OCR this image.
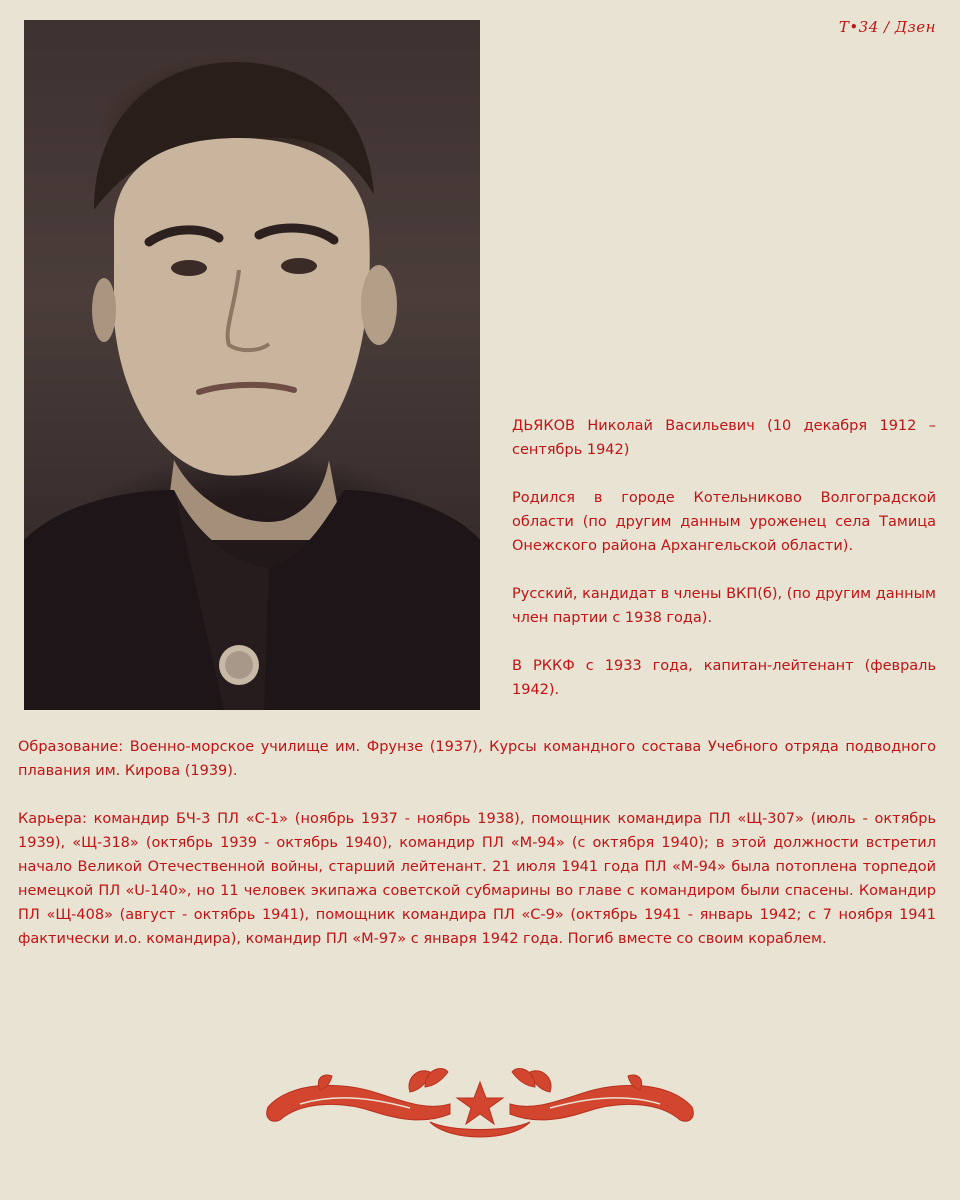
Т•34 / Дзен

ДЬЯКОВ Николай Васильевич (10 декабря 1912 – сентябрь 1942)

Родился в городе Котельниково Волгоградской области (по другим данным уроженец села Тамица Онежского района Архангельской области).

Русский, кандидат в члены ВКП(б), (по другим данным член партии с 1938 года).

В РККФ с 1933 года, капитан-лейтенант (февраль 1942).

Образование: Военно-морское училище им. Фрунзе (1937), Курсы командного состава Учебного отряда подводного плавания им. Кирова (1939).

Карьера: командир БЧ-3 ПЛ «С-1» (ноябрь 1937 - ноябрь 1938), помощник командира ПЛ «Щ-307» (июль - октябрь 1939), «Щ-318» (октябрь 1939 - октябрь 1940), командир ПЛ «М-94» (с октября 1940); в этой должности встретил начало Великой Отечественной войны, старший лейтенант. 21 июля 1941 года ПЛ «М-94» была потоплена торпедой немецкой ПЛ «U-140», но 11 человек экипажа советской субмарины во главе с командиром были спасены. Командир ПЛ «Щ-408» (август - октябрь 1941), помощник командира ПЛ «С-9» (октябрь 1941 - январь 1942; с 7 ноября 1941 фактически и.о. командира), командир ПЛ «М-97» с января 1942 года. Погиб вместе со своим кораблем.
